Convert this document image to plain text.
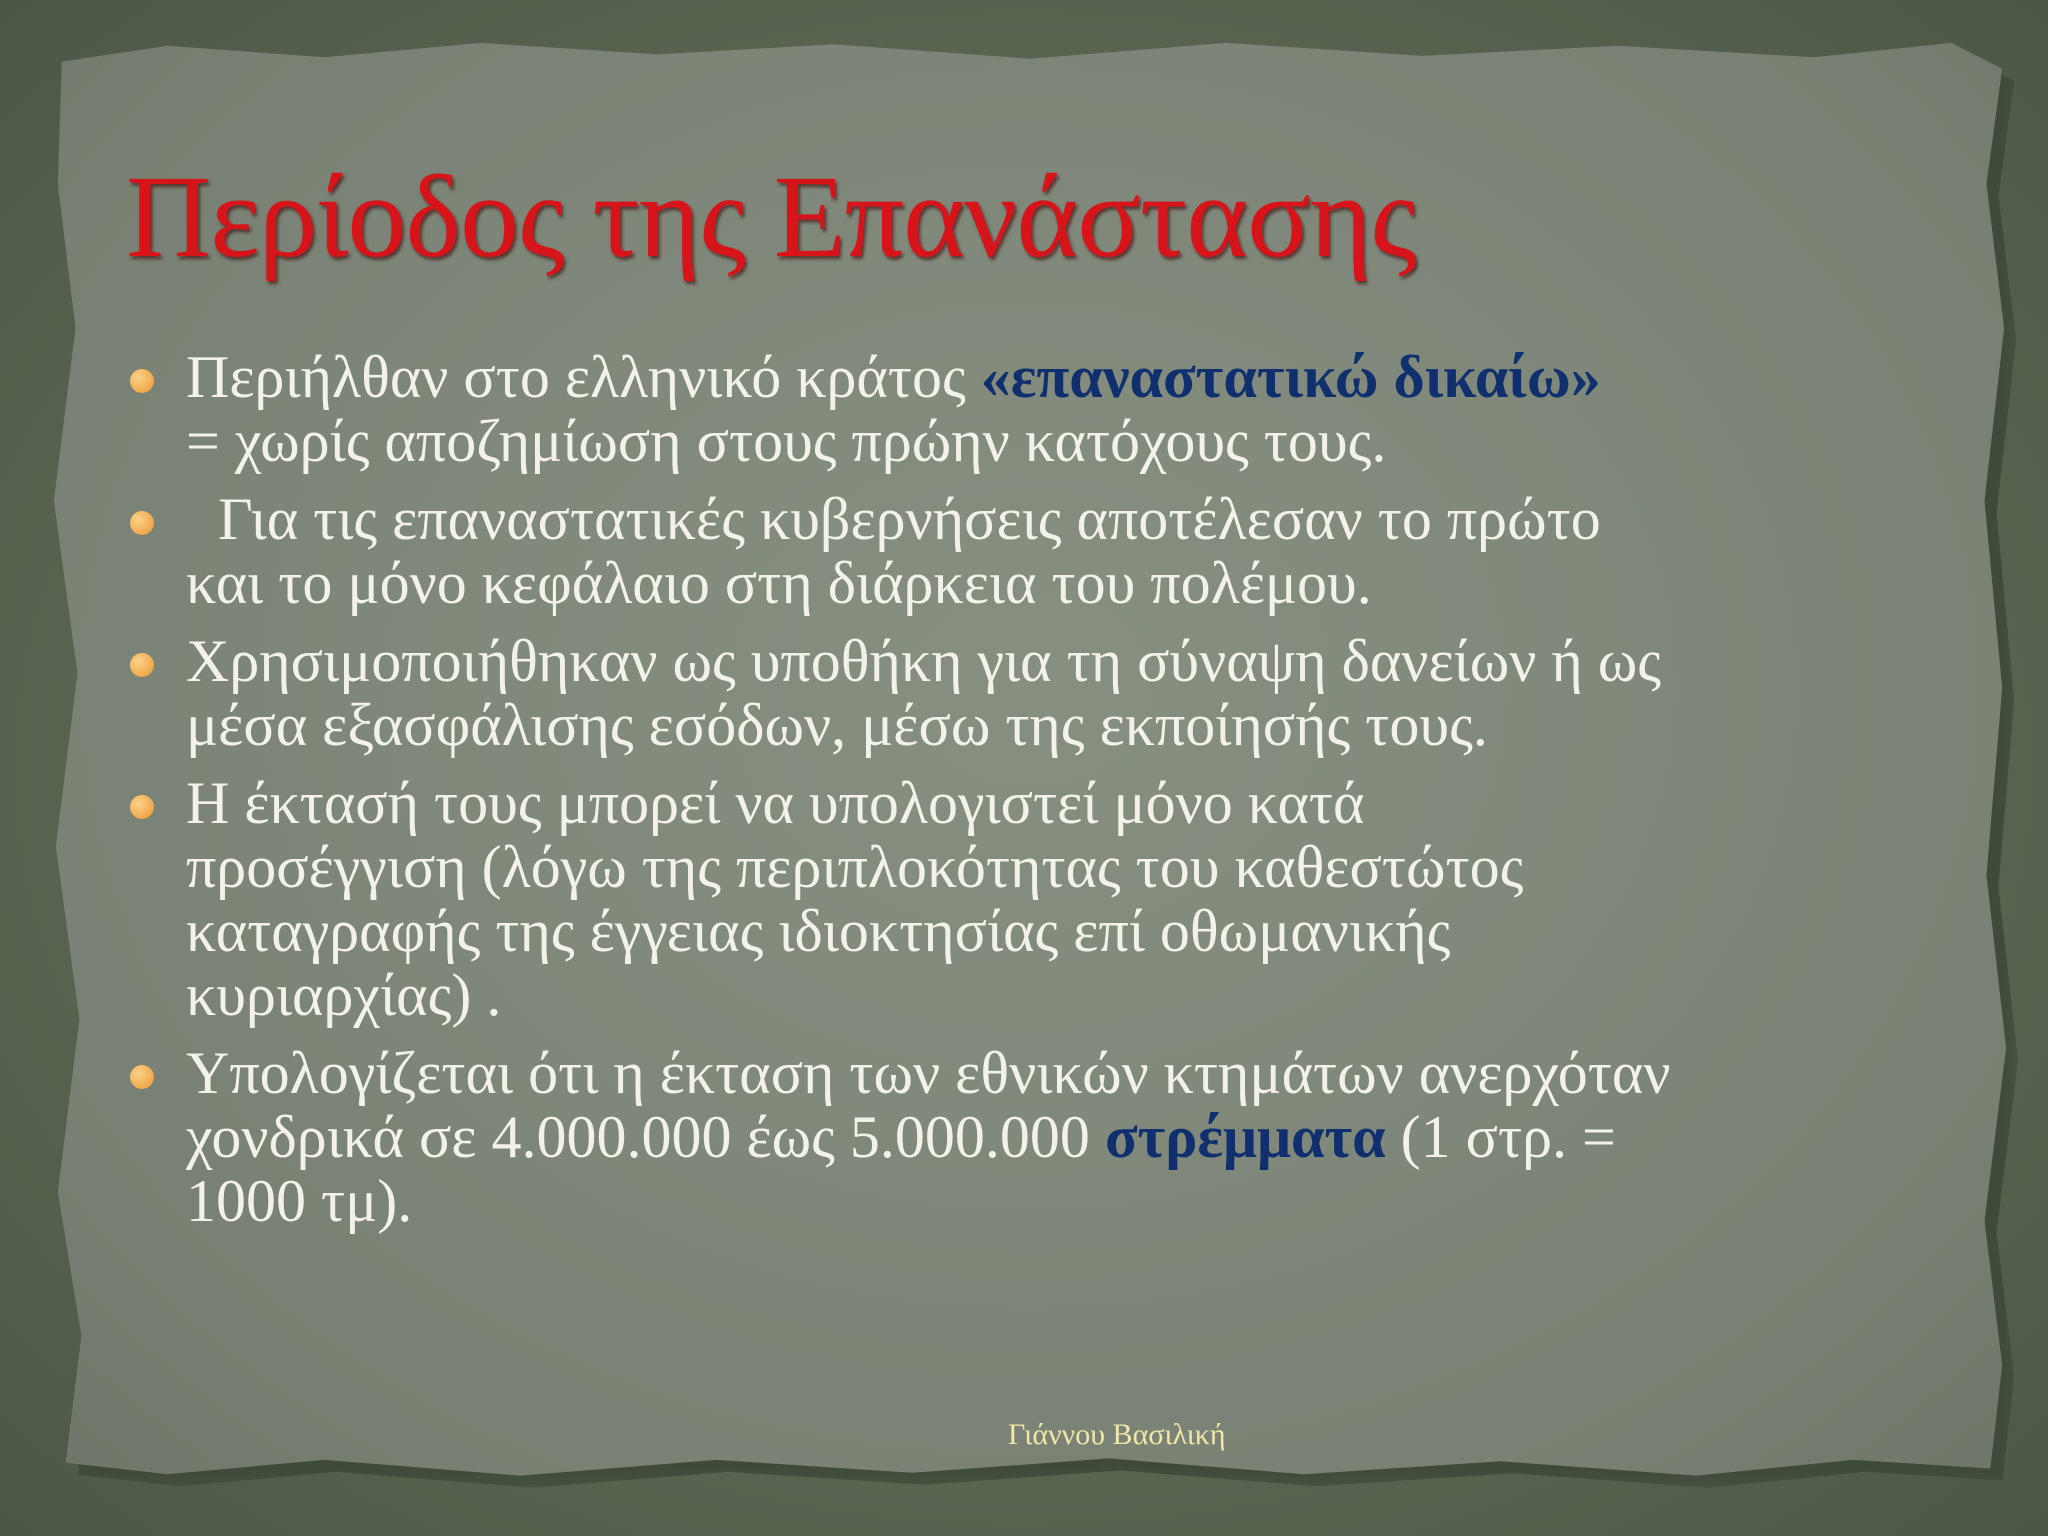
Περίοδος της Επανάστασης
Περιήλθαν στο ελληνικό κράτος «επαναστατικώ δικαίω»
= χωρίς αποζημίωση στους πρώην κατόχους τους.
Για τις επαναστατικές κυβερνήσεις αποτέλεσαν το πρώτο
και το μόνο κεφάλαιο στη διάρκεια του πολέμου.
Χρησιμοποιήθηκαν ως υποθήκη για τη σύναψη δανείων ή ως
μέσα εξασφάλισης εσόδων, μέσω της εκποίησής τους.
Η έκτασή τους μπορεί να υπολογιστεί μόνο κατά
προσέγγιση (λόγω της περιπλοκότητας του καθεστώτος
καταγραφής της έγγειας ιδιοκτησίας επί οθωμανικής
κυριαρχίας) .
Υπολογίζεται ότι η έκταση των εθνικών κτημάτων ανερχόταν
χονδρικά σε 4.000.000 έως 5.000.000 στρέμματα (1 στρ. =
1000 τμ).
Γιάννου Βασιλική
